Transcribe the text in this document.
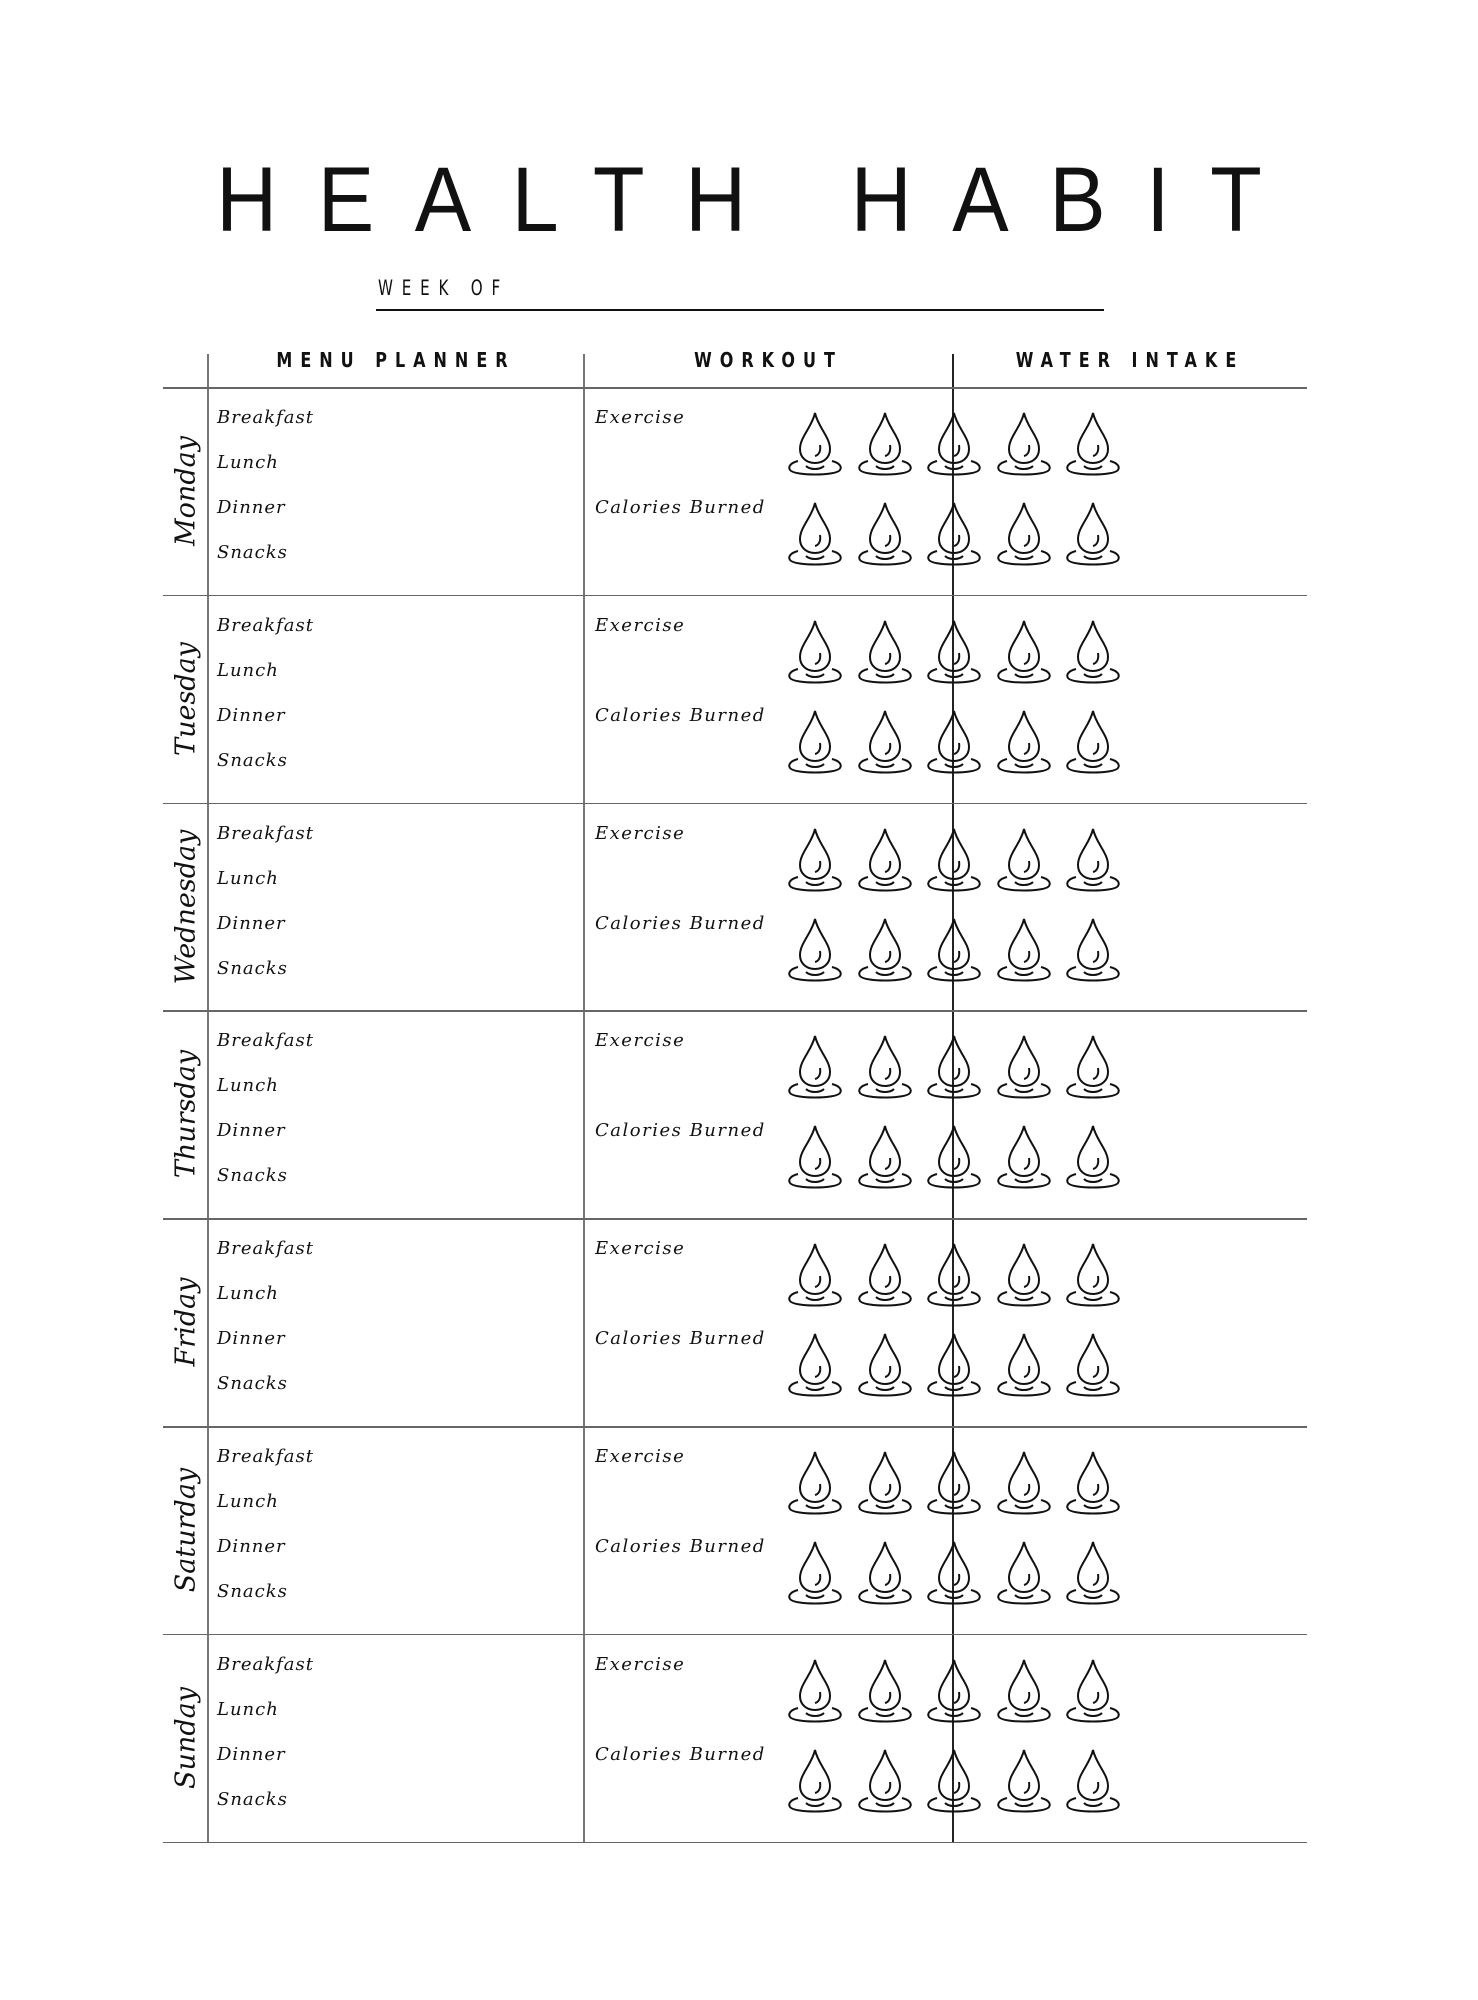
HEALTH HABIT
WEEK OF
MENU PLANNER	WORKOUT	WATER INTAKE
Monday
Breakfast
Lunch
Dinner
Snacks
Exercise
Calories Burned
Tuesday
Breakfast
Lunch
Dinner
Snacks
Exercise
Calories Burned
Wednesday Breakfast
Lunch
Dinner
Snacks
Exercise
Calories Burned
Thursday
Breakfast
Lunch
Dinner
Snacks
Exercise
Calories Burned
Friday
Breakfast
Lunch
Dinner
Snacks
Exercise
Calories Burned
Saturday
Breakfast
Lunch
Dinner
Snacks
Exercise
Calories Burned
Sunday
Breakfast
Lunch
Dinner
Snacks
Exercise
Calories Burned
